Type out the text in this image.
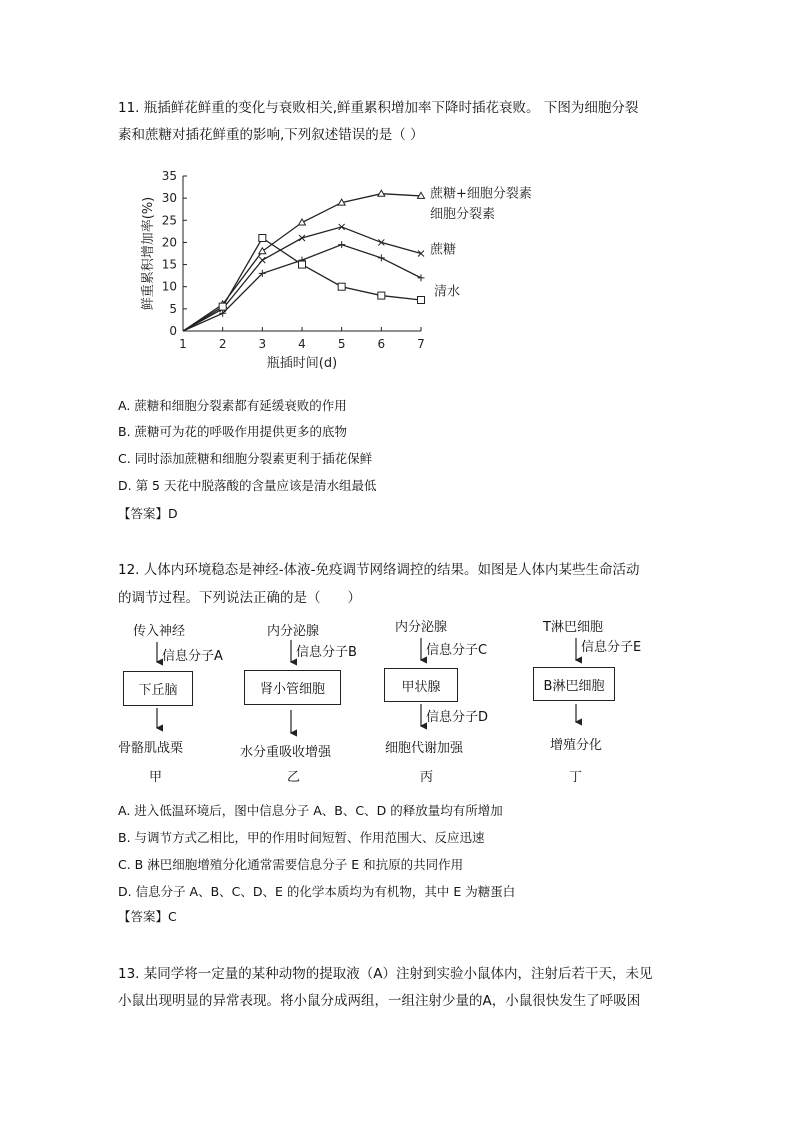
11. 瓶插鲜花鲜重的变化与衰败相关,鲜重累积增加率下降时插花衰败。 下图为细胞分裂
素和蔗糖对插花鲜重的影响,下列叙述错误的是（ ）
0
5
10
15
20
25
30
35
1	2	3	4	5	6	7
瓶插时间(d)
鲜重累积增加率(%)
蔗糖+细胞分裂素
细胞分裂素
蔗糖
清水
A. 蔗糖和细胞分裂素都有延缓衰败的作用
B. 蔗糖可为花的呼吸作用提供更多的底物
C. 同时添加蔗糖和细胞分裂素更利于插花保鲜
D. 第 5 天花中脱落酸的含量应该是清水组最低
【答案】D
12. 人体内环境稳态是神经-体液-免疫调节网络调控的结果。如图是人体内某些生命活动
的调节过程。下列说法正确的是（　　）
传入神经
信息分子A
下丘脑
骨骼肌战栗
甲
内分泌腺
信息分子B
肾小管细胞
水分重吸收增强
乙
内分泌腺
信息分子C
甲状腺
信息分子D
细胞代谢加强
丙
T淋巴细胞
信息分子E
B淋巴细胞
增殖分化
丁
A. 进入低温环境后，图中信息分子 A、B、C、D 的释放量均有所增加
B. 与调节方式乙相比，甲的作用时间短暂、作用范围大、反应迅速
C. B 淋巴细胞增殖分化通常需要信息分子 E 和抗原的共同作用
D. 信息分子 A、B、C、D、E 的化学本质均为有机物，其中 E 为糖蛋白
【答案】C
13. 某同学将一定量的某种动物的提取液（A）注射到实验小鼠体内，注射后若干天，未见
小鼠出现明显的异常表现。将小鼠分成两组，一组注射少量的A，小鼠很快发生了呼吸困
